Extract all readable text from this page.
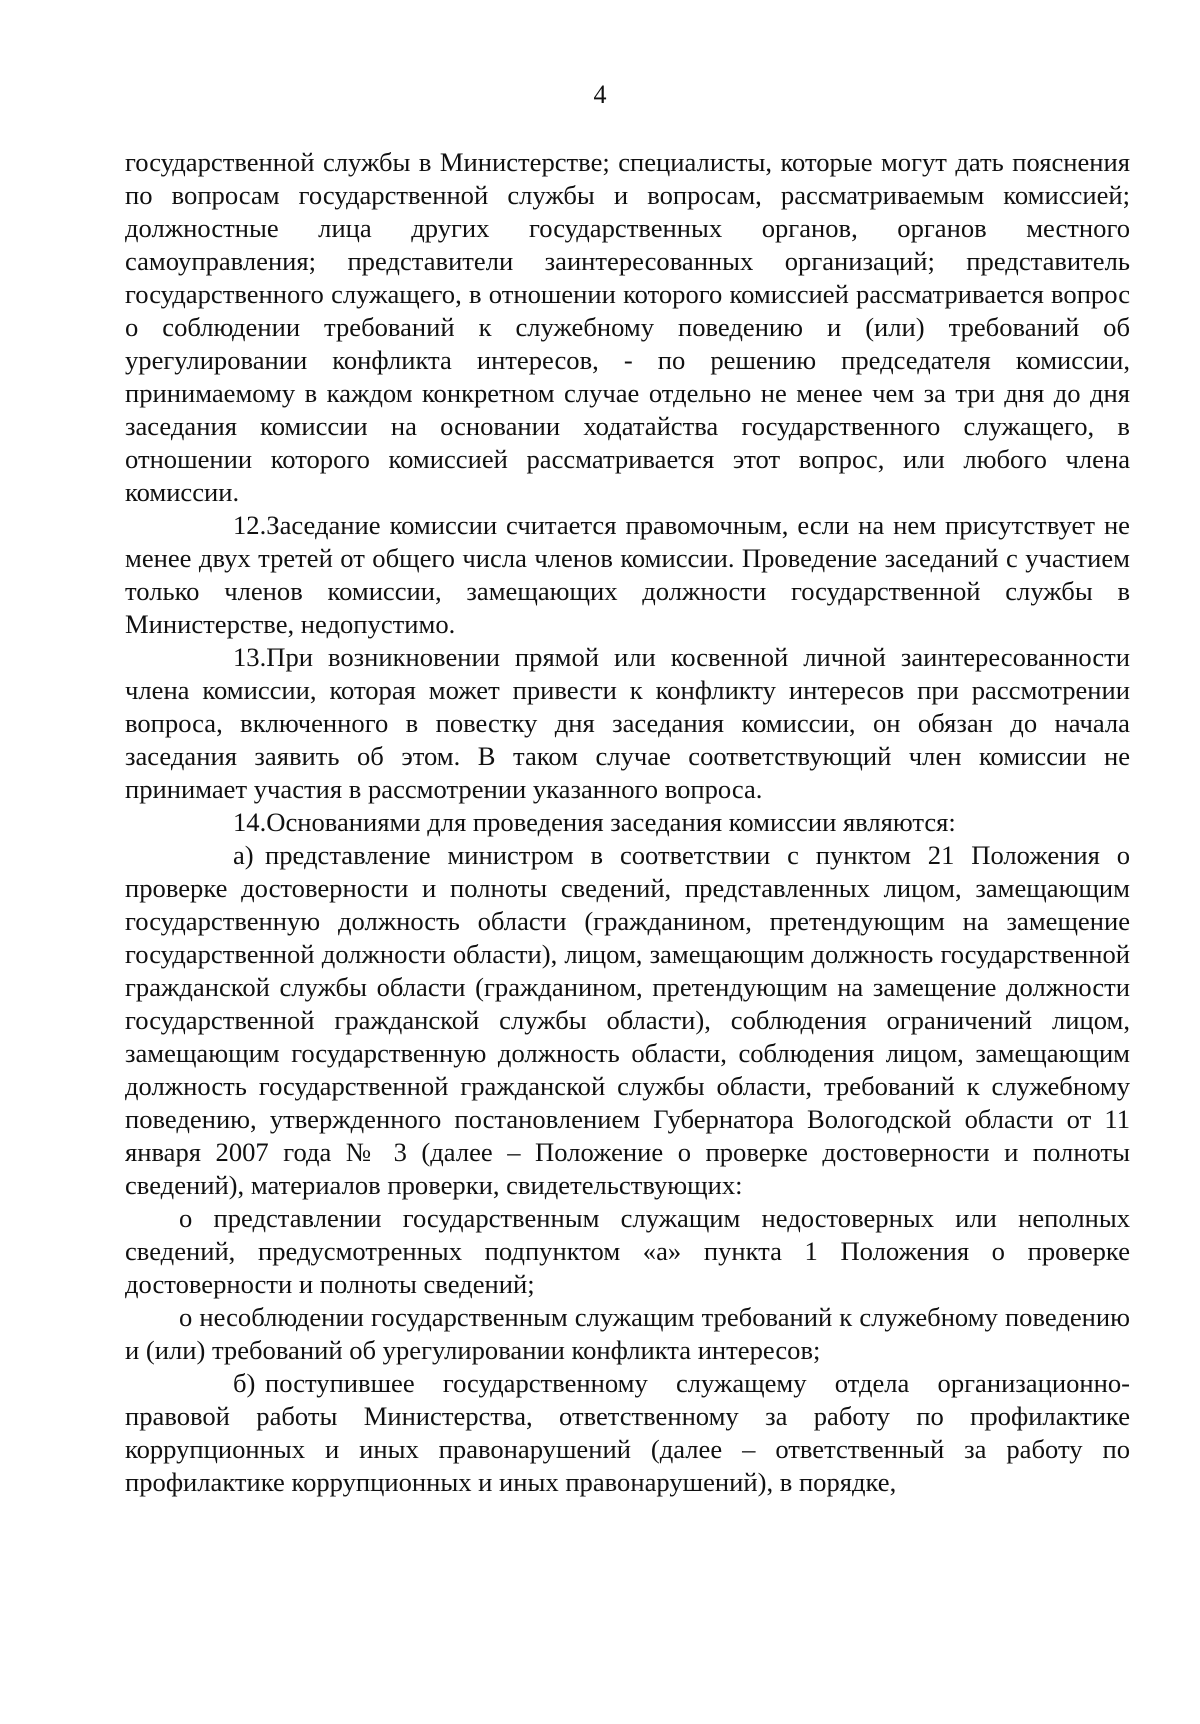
4

государственной службы в Министерстве; специалисты, которые могут дать пояснения по вопросам государственной службы и вопросам, рассматриваемым комиссией; должностные лица других государственных органов, органов местного самоуправления; представители заинтересованных организаций; представитель государственного служащего, в отношении которого комиссией рассматривается вопрос о соблюдении требований к служебному поведению и (или) требований об урегулировании конфликта интересов, - по решению председателя комиссии, принимаемому в каждом конкретном случае отдельно не менее чем за три дня до дня заседания комиссии на основании ходатайства государственного служащего, в отношении которого комиссией рассматривается этот вопрос, или любого члена комиссии.

12.Заседание комиссии считается правомочным, если на нем присутствует не менее двух третей от общего числа членов комиссии. Проведение заседаний с участием только членов комиссии, замещающих должности государственной службы в Министерстве, недопустимо.

13.При возникновении прямой или косвенной личной заинтересованности члена комиссии, которая может привести к конфликту интересов при рассмотрении вопроса, включенного в повестку дня заседания комиссии, он обязан до начала заседания заявить об этом. В таком случае соответствующий член комиссии не принимает участия в рассмотрении указанного вопроса.

14.Основаниями для проведения заседания комиссии являются:

а) представление министром в соответствии с пунктом 21 Положения о проверке достоверности и полноты сведений, представленных лицом, замещающим государственную должность области (гражданином, претендующим на замещение государственной должности области), лицом, замещающим должность государственной гражданской службы области (гражданином, претендующим на замещение должности государственной гражданской службы области), соблюдения ограничений лицом, замещающим государственную должность области, соблюдения лицом, замещающим должность государственной гражданской службы области, требований к служебному поведению, утвержденного постановлением Губернатора Вологодской области от 11 января 2007 года № 3 (далее – Положение о проверке достоверности и полноты сведений), материалов проверки, свидетельствующих:

о представлении государственным служащим недостоверных или неполных сведений, предусмотренных подпунктом «а» пункта 1 Положения о проверке достоверности и полноты сведений;

о несоблюдении государственным служащим требований к служебному поведению и (или) требований об урегулировании конфликта интересов;

б) поступившее государственному служащему отдела организационно-правовой работы Министерства, ответственному за работу по профилактике коррупционных и иных правонарушений (далее – ответственный за работу по профилактике коррупционных и иных правонарушений), в порядке,
